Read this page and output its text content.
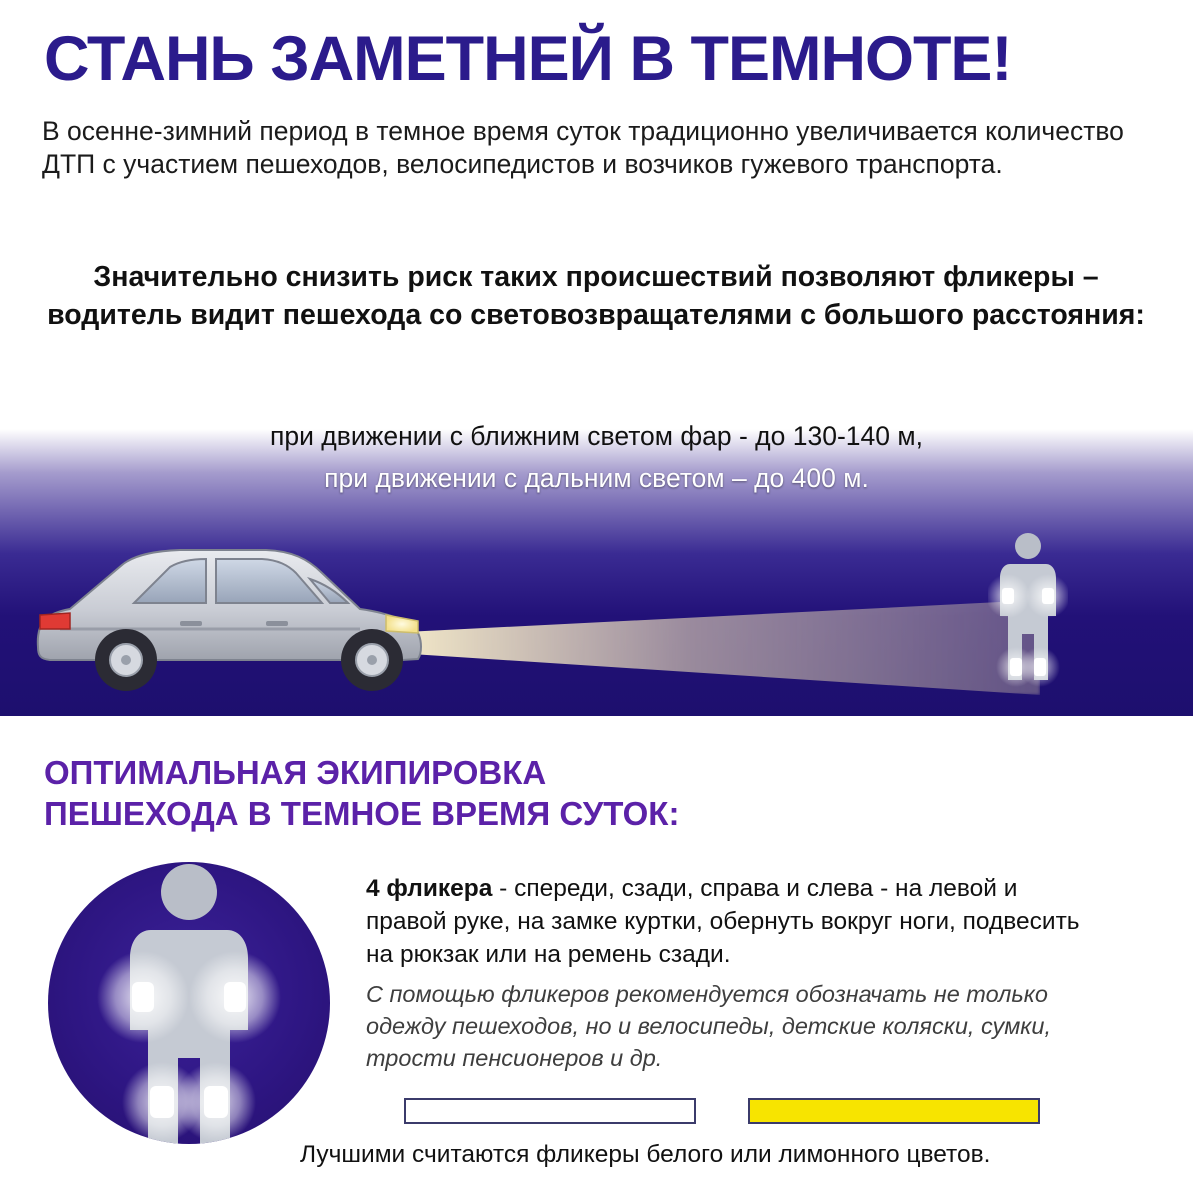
СТАНЬ ЗАМЕТНЕЙ В ТЕМНОТЕ!
В осенне-зимний период в темное время суток традиционно увеличивается количество ДТП с участием пешеходов, велосипедистов и возчиков гужевого транспорта.
Значительно снизить риск таких происшествий позволяют фликеры – водитель видит пешехода со световозвращателями с большого расстояния:
при движении с ближним светом фар - до 130-140 м,
при движении с дальним светом – до 400 м.
ОПТИМАЛЬНАЯ ЭКИПИРОВКА
ПЕШЕХОДА В ТЕМНОЕ ВРЕМЯ СУТОК:
4 фликера - спереди, сзади, справа и слева - на левой и правой руке, на замке куртки, обернуть вокруг ноги, подвесить на рюкзак или на ремень сзади.
С помощью фликеров рекомендуется обозначать не только одежду пешеходов, но и велосипеды, детские коляски, сумки, трости пенсионеров и др.
Лучшими считаются фликеры белого или лимонного цветов.
